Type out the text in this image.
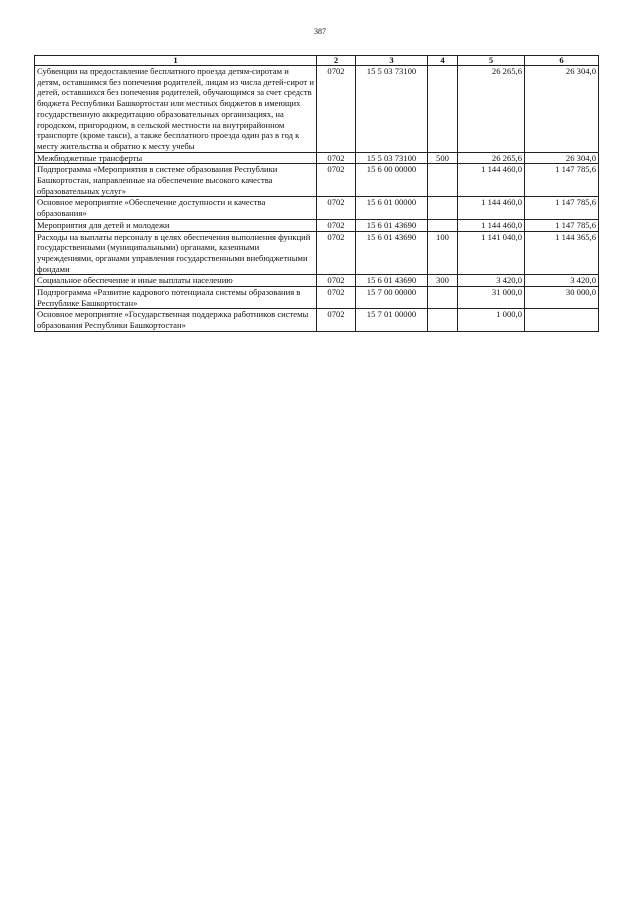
387
1	2	3	4	5	6
Субвенции на предоставление бесплатного проезда детям-сиротам и детям, оставшимся без попечения родителей, лицам из числа детей-сирот и детей, оставшихся без попечения родителей, обучающимся за счет средств бюджета Республики Башкортостан или местных бюджетов в имеющих государственную аккредитацию образовательных организациях, на городском, пригородном, в сельской местности на внутрирайонном транспорте (кроме такси), а также бесплатного проезда один раз в год к месту жительства и обратно к месту учебы	0702	15 5 03 73100		26 265,6	26 304,0
Межбюджетные трансферты	0702	15 5 03 73100	500	26 265,6	26 304,0
Подпрограмма «Мероприятия в системе образования Республики Башкортостан, направленные на обеспечение высокого качества образовательных услуг»	0702	15 6 00 00000		1 144 460,0	1 147 785,6
Основное мероприятие «Обеспечение доступности и качества образования»	0702	15 6 01 00000		1 144 460,0	1 147 785,6
Мероприятия для детей и молодежи	0702	15 6 01 43690		1 144 460,0	1 147 785,6
Расходы на выплаты персоналу в целях обеспечения выполнения функций государственными (муниципальными) органами, казенными учреждениями, органами управления государственными внебюджетными фондами	0702	15 6 01 43690	100	1 141 040,0	1 144 365,6
Социальное обеспечение и иные выплаты населению	0702	15 6 01 43690	300	3 420,0	3 420,0
Подпрограмма «Развитие кадрового потенциала системы образования в Республике Башкортостан»	0702	15 7 00 00000		31 000,0	30 000,0
Основное мероприятие «Государственная поддержка работников системы образования Республики Башкортостан»	0702	15 7 01 00000		1 000,0	
